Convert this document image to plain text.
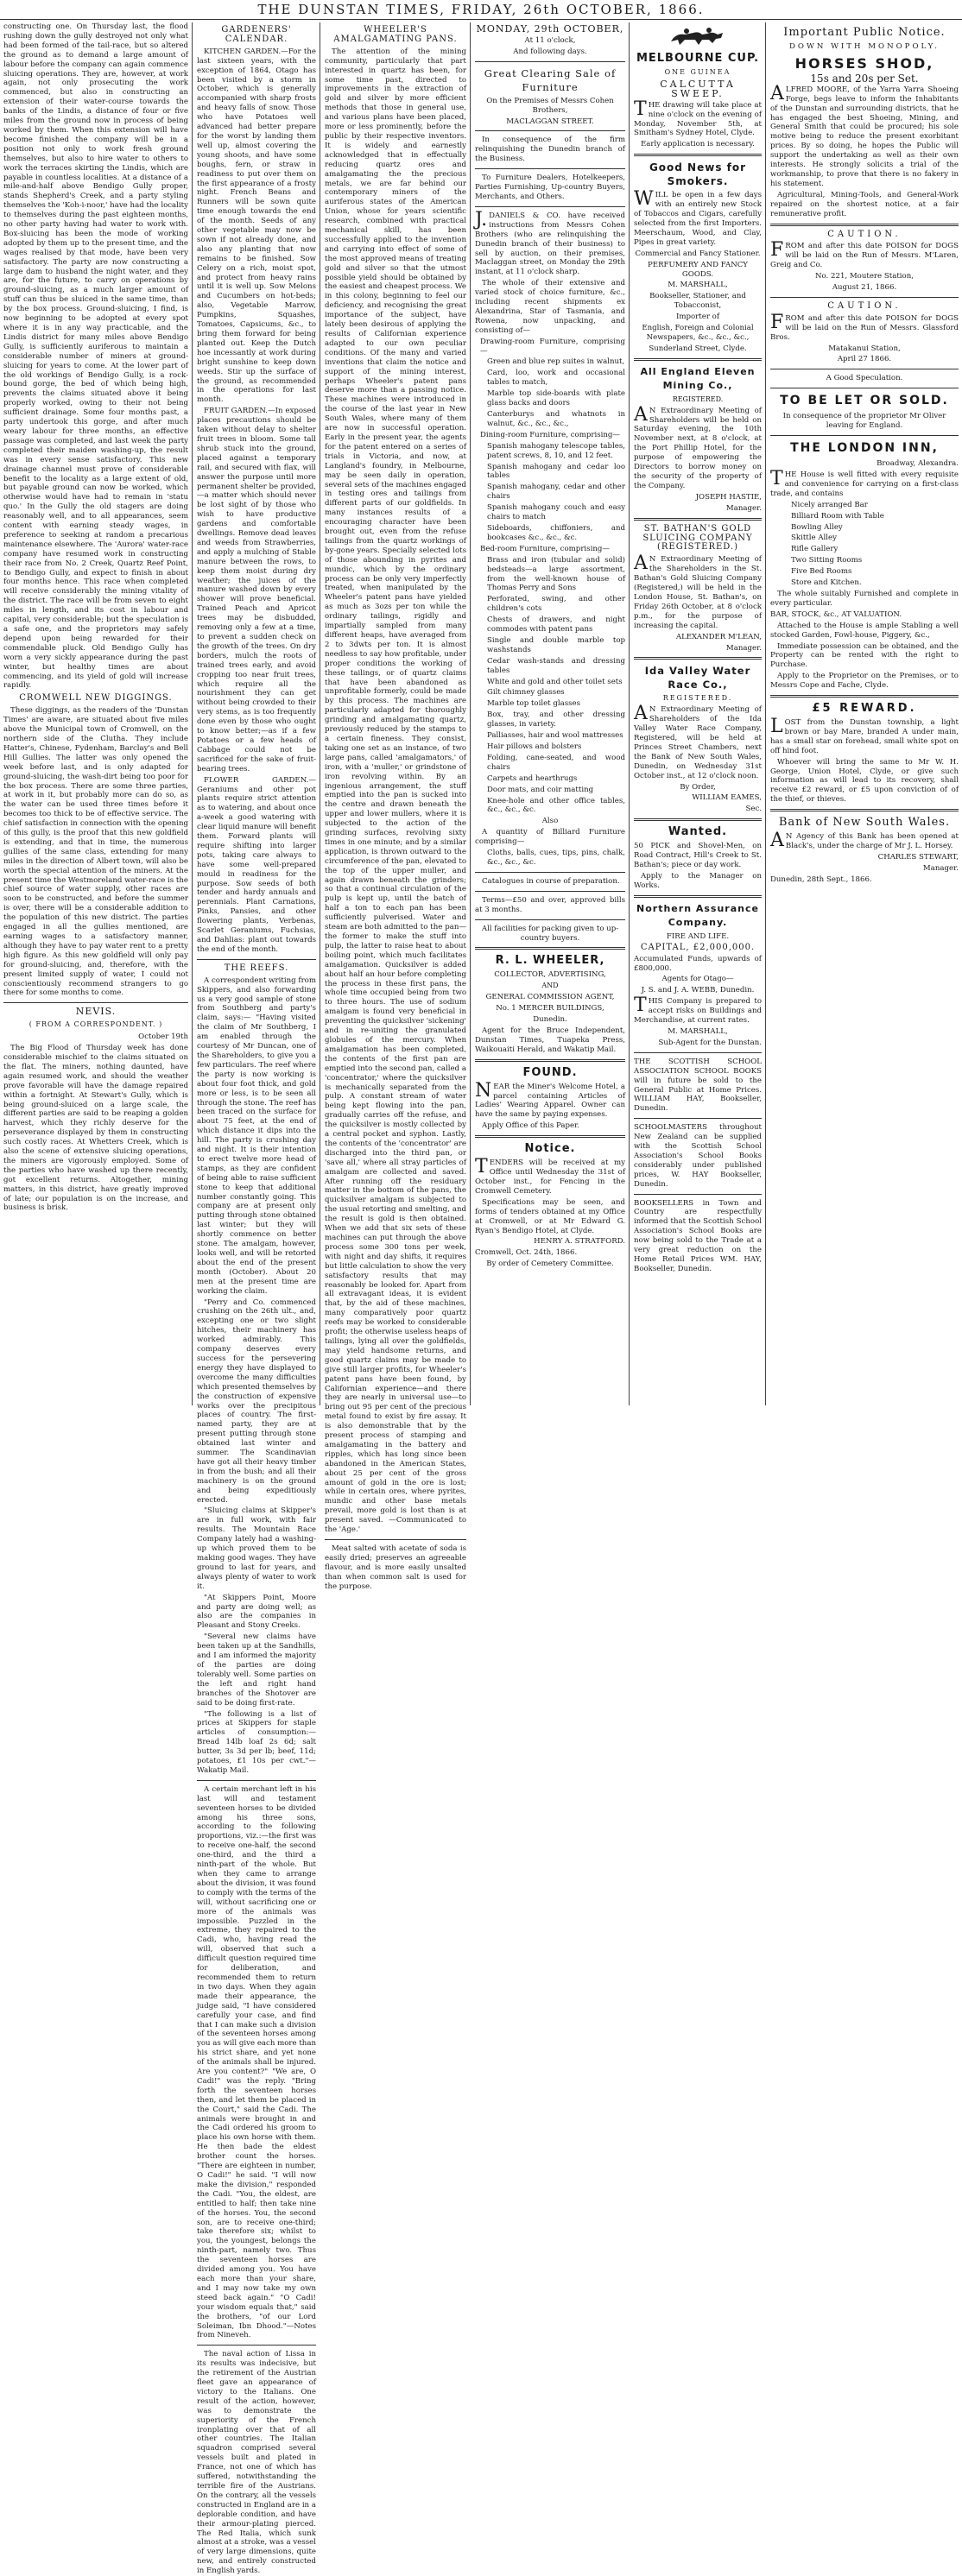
THE DUNSTAN TIMES, FRIDAY, 26th OCTOBER, 1866.

constructing one. On Thursday last, the flood rushing down the gully destroyed not only what had been formed of the tail-race, but so altered the ground as to demand a large amount of labour before the company can again commence sluicing operations. They are, however, at work again, not only prosecuting the work commenced, but also in constructing an extension of their water-course towards the banks of the Lindis, a distance of four or five miles from the ground now in process of being worked by them. When this extension will have become finished the company will be in a position not only to work fresh ground themselves, but also to hire water to others to work the terraces skirting the Lindis, which are payable in countless localities. At a distance of a mile-and-half above Bendigo Gully proper, stands Shepherd's Creek, and a party styling themselves the 'Koh-i-noor,' have had the locality to themselves during the past eighteen months, no other party having had water to work with. Box-sluicing has been the mode of working adopted by them up to the present time, and the wages realised by that mode, have been very satisfactory. The party are now constructing a large dam to husband the night water, and they are, for the future, to carry on operations by ground-sluicing, as a much larger amount of stuff can thus be sluiced in the same time, than by the box process. Ground-sluicing, I find, is now beginning to be adopted at every spot where it is in any way practicable, and the Lindis district for many miles above Bendigo Gully, is sufficiently auriferous to maintain a considerable number of miners at ground-sluicing for years to come. At the lower part of the old workings of Bendigo Gully, is a rock-bound gorge, the bed of which being high, prevents the claims situated above it being properly worked, owing to their not being sufficient drainage. Some four months past, a party undertook this gorge, and after much weary labour for three months, an effective passage was completed, and last week the party completed their maiden washing-up, the result was in every sense satisfactory. This new drainage channel must prove of considerable benefit to the locality as a large extent of old, but payable ground can now be worked, which otherwise would have had to remain in 'statu quo.' In the Gully the old stagers are doing reasonably well, and to all appearances, seem content with earning steady wages, in preference to seeking at random a precarious maintenance elsewhere. The 'Aurora' water-race company have resumed work in constructing their race from No. 2 Creek, Quartz Reef Point, to Bendigo Gully, and expect to finish in about four months hence. This race when completed will receive considerably the mining vitality of the district. The race will be from seven to eight miles in length, and its cost in labour and capital, very considerable; but the speculation is a safe one, and the proprietors may safely depend upon being rewarded for their commendable pluck. Old Bendigo Gully has worn a very sickly appearance during the past winter, but healthy times are about commencing, and its yield of gold will increase rapidly.

CROMWELL NEW DIGGINGS.

These diggings, as the readers of the 'Dunstan Times' are aware, are situated about five miles above the Municipal town of Cromwell, on the northern side of the Clutha. They include Hatter's, Chinese, Fydenham, Barclay's and Bell Hill Gullies. The latter was only opened the week before last, and is only adapted for ground-sluicing, the wash-dirt being too poor for the box process. There are some three parties, at work in it, but probably more can do so, as the water can be used three times before it becomes too thick to be of effective service. The chief satisfaction in connection with the opening of this gully, is the proof that this new goldfield is extending, and that in time, the numerous gullies of the same class, extending for many miles in the direction of Albert town, will also be worth the special attention of the miners. At the present time the Westmoreland water-race is the chief source of water supply, other races are soon to be constructed, and before the summer is over, there will be a considerable addition to the population of this new district. The parties engaged in all the gullies mentioned, are earning wages to a satisfactory manner, although they have to pay water rent to a pretty high figure. As this new goldfield will only pay for ground-sluicing, and, therefore, with the present limited supply of water, I could not conscientiously recommend strangers to go there for some months to come.

NEVIS.
( FROM A CORRESPONDENT. )

October 19th

The Big Flood of Thursday week has done considerable mischief to the claims situated on the flat. The miners, nothing daunted, have again resumed work, and should the weather prove favorable will have the damage repaired within a fortnight. At Stewart's Gully, which is being ground-sluiced on a large scale, the different parties are said to be reaping a golden harvest, which they richly deserve for the perseverance displayed by them in constructing such costly races. At Whetters Creek, which is also the scene of extensive sluicing operations, the miners are vigorously employed. Some of the parties who have washed up there recently, got excellent returns. Altogether, mining matters, in this district, have greatly improved of late; our population is on the increase, and business is brisk.

GARDENERS' CALENDAR.

KITCHEN GARDEN.—For the last sixteen years, with the exception of 1864, Otago has been visited by a storm in October, which is generally accompanied with sharp frosts and heavy falls of snow. Those who have Potatoes well advanced had better prepare for the worst by landing them well up, almost covering the young shoots, and have some boughs, fern, or straw in readiness to put over them on the first appearance of a frosty night. French Beans and Runners will be sown quite time enough towards the end of the month. Seeds of any other vegetable may now be sown if not already done, and also any planting that now remains to be finished. Sow Celery on a rich, moist spot, and protect from heavy rains until it is well up. Sow Melons and Cucumbers on hot-beds; also, Vegetable Marrow, Pumpkins, Squashes, Tomatoes, Capsicums, &c., to bring them forward for being planted out. Keep the Dutch hoe incessantly at work during bright sunshine to keep down weeds. Stir up the surface of the ground, as recommended in the operations for last month.

FRUIT GARDEN.—In exposed places precautions should be taken without delay to shelter fruit trees in bloom. Some tall shrub stuck into the ground, placed against a temporary rail, and secured with flax, will answer the purpose until more permanent shelter be provided,—a matter which should never be lost sight of by those who wish to have productive gardens and comfortable dwellings. Remove dead leaves and weeds from Strawberries, and apply a mulching of Stable manure between the rows, to keep them moist during dry weather; the juices of the manure washed down by every shower will prove beneficial. Trained Peach and Apricot trees may be disbudded, removing only a few at a time, to prevent a sudden check on the growth of the trees. On dry borders, mulch the roots of trained trees early, and avoid cropping too near fruit trees, which require all the nourishment they can get without being crowded to their very stems, as is too frequently done even by those who ought to know better;—as if a few Potatoes or a few heads of Cabbage could not be sacrificed for the sake of fruit-bearing trees.

FLOWER GARDEN.—Geraniums and other pot plants require strict attention as to watering, and about once a-week a good watering with clear liquid manure will benefit them. Forward plants will require shifting into larger pots, taking care always to have some well-prepared mould in readiness for the purpose. Sow seeds of both tender and hardy annuals and perennials. Plant Carnations, Pinks, Pansies, and other flowering plants, Verbenas, Scarlet Geraniums, Fuchsias, and Dahlias: plant out towards the end of the month.

THE REEFS.

A correspondent writing from Skippers, and also forwarding us a very good sample of stone from Southberg and party's claim, says:— "Having visited the claim of Mr Southberg, I am enabled through the courtesy of Mr Duncan, one of the Shareholders, to give you a few particulars. The reef where the party is now working is about four foot thick, and gold more or less, is to be seen all through the stone. The reef has been traced on the surface for about 75 feet, at the end of which distance it dips into the hill. The party is crushing day and night. It is their intention to erect twelve more head of stamps, as they are confident of being able to raise sufficient stone to keep that additional number constantly going. This company are at present only putting through stone obtained last winter; but they will shortly commence on better stone. The amalgam, however, looks well, and will be retorted about the end of the present month (October). About 20 men at the present time are working the claim.

"Perry and Co. commenced crushing on the 26th ult., and, excepting one or two slight hitches, their machinery has worked admirably. This company deserves every success for the persevering energy they have displayed to overcome the many difficulties which presented themselves by the construction of expensive works over the precipitous places of country. The first-named party, they are at present putting through stone obtained last winter and summer. The Scandinavian have got all their heavy timber in from the bush; and all their machinery is on the ground and being expeditiously erected.

"Sluicing claims at Skipper's are in full work, with fair results. The Mountain Race Company lately had a washing-up which proved them to be making good wages. They have ground to last for years, and always plenty of water to work it.

"At Skippers Point, Moore and party are doing well; as also are the companies in Pleasant and Stony Creeks.

"Several new claims have been taken up at the Sandhills, and I am informed the majority of the parties are doing tolerably well. Some parties on the left and right hand branches of the Shotover are said to be doing first-rate.

"The following is a list of prices at Skippers for staple articles of consumption:—Bread 14lb loaf 2s 6d; salt butter, 3s 3d per lb; beef, 11d; potatoes, £1 10s per cwt."—Wakatip Mail.

A certain merchant left in his last will and testament seventeen horses to be divided among his three sons, according to the following proportions, viz.:—the first was to receive one-half, the second one-third, and the third a ninth-part of the whole. But when they came to arrange about the division, it was found to comply with the terms of the will, without sacrificing one or more of the animals was impossible. Puzzled in the extreme, they repaired to the Cadi, who, having read the will, observed that such a difficult question required time for deliberation, and recommended them to return in two days. When they again made their appearance, the judge said, "I have considered carefully your case, and find that I can make such a division of the seventeen horses among you as will give each more than his strict share, and yet none of the animals shall be injured. Are you content?" "We are, O Cadi!" was the reply. "Bring forth the seventeen horses then, and let them be placed in the Court," said the Cadi. The animals were brought in and the Cadi ordered his groom to place his own horse with them. He then bade the eldest brother count the horses. "There are eighteen in number, O Cadi!" he said. "I will now make the division," responded the Cadi. "You, the eldest, are entitled to half; then take nine of the horses. You, the second son, are to receive one-third; take therefore six; whilst to you, the youngest, belongs the ninth-part, namely two. Thus the seventeen horses are divided among you. You have each more than your share, and I may now take my own steed back again." "O Cadi! your wisdom equals that," said the brothers, "of our Lord Soleiman, Ibn Dhood."—Notes from Nineveh.

The naval action of Lissa in its results was indecisive, but the retirement of the Austrian fleet gave an appearance of victory to the Italians. One result of the action, however, was to demonstrate the superiority of the French ironplating over that of all other countries. The Italian squadron comprised several vessels built and plated in France, not one of which has suffered, notwithstanding the terrible fire of the Austrians. On the contrary, all the vessels constructed in England are in a deplorable condition, and have their armour-plating pierced. The Red Italia, which sunk almost at a stroke, was a vessel of very large dimensions, quite new, and entirely constructed in English yards.

WHEELER'S AMALGAMATING PANS.

The attention of the mining community, particularly that part interested in quartz has been, for some time past, directed to improvements in the extraction of gold and silver by more efficient methods that those in general use, and various plans have been placed, more or less prominently, before the public by their respective inventors. It is widely and earnestly acknowledged that in effectually reducing quartz ores and amalgamating the the precious metals, we are far behind our contemporary miners of the auriferous states of the American Union, whose for years scientific research, combined with practical mechanical skill, has been successfully applied to the invention and carrying into effect of some of the most approved means of treating gold and silver so that the utmost possible yield should be obtained by the easiest and cheapest process. We in this colony, beginning to feel our deficiency, and recognising the great importance of the subject, have lately been desirous of applying the results of Californian experience adapted to our own peculiar conditions. Of the many and varied inventions that claim the notice and support of the mining interest, perhaps Wheeler's patent pans deserve more than a passing notice. These machines were introduced in the course of the last year in New South Wales, where many of them are now in successful operation. Early in the present year, the agents for the patent entered on a series of trials in Victoria, and now, at Langland's foundry, in Melbourne, may be seen daily in operation, several sets of the machines engaged in testing ores and tailings from different parts of our goldfields. In many instances results of a encouraging character have been brought out, even from the refuse tailings from the quartz workings of by-gone years. Specially selected lots of those abounding in pyrites and mundic, which by the ordinary process can be only very imperfectly treated, when manipulated by the Wheeler's patent pans have yielded as much as 3ozs per ton while the ordinary tailings, rigidly and impartially sampled from many different heaps, have averaged from 2 to 3dwts per ton. It is almost needless to say how profitable, under proper conditions the working of these tailings, or of quartz claims that have been abandoned as unprofitable formerly, could be made by this process. The machines are particularly adapted for thoroughly grinding and amalgamating quartz, previously reduced by the stamps to a certain fineness. They consist, taking one set as an instance, of two large pans, called 'amalgamators,' of iron, with a 'muller,' or grindstone of iron revolving within. By an ingenious arrangement, the stuff emptied into the pan is sucked into the centre and drawn beneath the upper and lower mullers, where it is subjected to the action of the grinding surfaces, revolving sixty times in one minute; and by a similar application, is thrown outward to the circumference of the pan, elevated to the top of the upper muller, and again drawn beneath the grinders; so that a continual circulation of the pulp is kept up, until the batch of half a ton to each pan has been sufficiently pulverised. Water and steam are both admitted to the pan—the former to make the stuff into pulp, the latter to raise heat to about boiling point, which much facilitates amalgamation. Quicksilver is added about half an hour before completing the process in these first pans, the whole time occupied being from two to three hours. The use of sodium amalgam is found very beneficial in preventing the quicksilver 'sickening' and in re-uniting the granulated globules of the mercury. When amalgamation has been completed, the contents of the first pan are emptied into the second pan, called a 'concentrator,' where the quicksilver is mechanically separated from the pulp. A constant stream of water being kept flowing into the pan, gradually carries off the refuse, and the quicksilver is mostly collected by a central pocket and syphon. Lastly, the contents of the 'concentrator' are discharged into the third pan, or 'save all,' where all stray particles of amalgam are collected and saved. After running off the residuary matter in the bottom of the pans, the quicksilver amalgam is subjected to the usual retorting and smelting, and the result is gold is then obtained. When we add that six sets of these machines can put through the above process some 300 tons per week, with night and day shifts, it requires but little calculation to show the very satisfactory results that may reasonably be looked for. Apart from all extravagant ideas, it is evident that, by the aid of these machines, many comparatively poor quartz reefs may be worked to considerable profit; the otherwise useless heaps of tailings, lying all over the goldfields, may yield handsome returns, and good quartz claims may be made to give still larger profits, for Wheeler's patent pans have been found, by Californian experience—and there they are nearly in universal use—to bring out 95 per cent of the precious metal found to exist by fire assay. It is also demonstrable that by the present process of stamping and amalgamating in the battery and ripples, which has long since been abandoned in the American States, about 25 per cent of the gross amount of gold in the ore is lost; while in certain ores, where pyrites, mundic and other base metals prevail, more gold is lost than is at present saved. —Communicated to the 'Age.'

Meat salted with acetate of soda is easily dried; preserves an agreeable flavour, and is more easily unsalted than when common salt is used for the purpose.

MONDAY, 29th OCTOBER,

At 11 o'clock,

And following days.

Great Clearing Sale of Furniture

On the Premises of Messrs Cohen Brothers,

MACLAGGAN STREET.

In consequence of the firm relinquishing the Dunedin branch of the Business.

To Furniture Dealers, Hotelkeepers, Parties Furnishing, Up-country Buyers, Merchants, and Others.

J.DANIELS & CO. have received instructions from Messrs Cohen Brothers (who are relinquishing the Dunedin branch of their business) to sell by auction, on their premises, Maclaggan street, on Monday the 29th instant, at 11 o'clock sharp.

The whole of their extensive and varied stock of choice furniture, &c., including recent shipments ex Alexandrina, Star of Tasmania, and Rowena, now unpacking, and consisting of—

Drawing-room Furniture, comprising—

Green and blue rep suites in walnut,

Card, loo, work and occasional tables to match,

Marble top side-boards with plate glass backs and doors

Canterburys and whatnots in walnut, &c., &c., &c.,

Dining-room Furniture, comprising—

Spanish mahogany telescope tables, patent screws, 8, 10, and 12 feet.

Spanish mahogany and cedar loo tables

Spanish mahogany, cedar and other chairs

Spanish mahogany couch and easy chairs to match

Sideboards, chiffoniers, and bookcases &c., &c., &c.

Bed-room Furniture, comprising—

Brass and iron (tubular and solid) bedsteads—a large assortment, from the well-known house of Thomas Perry and Sons

Perforated, swing, and other children's cots

Chests of drawers, and night commodes with patent pans

Single and double marble top washstands

Cedar wash-stands and dressing tables

White and gold and other toilet sets

Gilt chimney glasses

Marble top toilet glasses

Box, tray, and other dressing glasses, in variety.

Palliasses, hair and wool mattresses

Hair pillows and bolsters

Folding, cane-seated, and wood chairs

Carpets and hearthrugs

Door mats, and coir matting

Knee-hole and other office tables, &c., &c., &c.

Also

A quantity of Billiard Furniture comprising—

Cloths, balls, cues, tips, pins, chalk, &c., &c., &c.

Catalogues in course of preparation.

Terms—£50 and over, approved bills at 3 months.

All facilities for packing given to up-country buyers.

R. L. WHEELER,

COLLECTOR, ADVERTISING,

AND

GENERAL COMMISSION AGENT,

No. 1 MERCER BUILDINGS,

Dunedin.

Agent for the Bruce Independent, Dunstan Times, Tuapeka Press, Waikouaiti Herald, and Wakatip Mail.

FOUND.

NEAR the Miner's Welcome Hotel, a parcel containing Articles of Ladies' Wearing Apparel. Owner can have the same by paying expenses.

Apply Office of this Paper.

Notice.

TENDERS will be received at my Office until Wednesday the 31st of October inst., for Fencing in the Cromwell Cemetery.

Specifications may be seen, and forms of tenders obtained at my Office at Cromwell, or at Mr Edward G. Ryan's Bendigo Hotel, at Clyde.

HENRY A. STRATFORD.

Cromwell, Oct. 24th, 1866.

By order of Cemetery Committee.

MELBOURNE CUP.

ONE GUINEA

CALCUTTA SWEEP.

THE drawing will take place at nine o'clock on the evening of Monday, November 5th, at Smitham's Sydney Hotel, Clyde.

Early application is necessary.

Good News for Smokers.

WILL be open in a few days with an entirely new Stock of Tobaccos and Cigars, carefully selected from the first Importers. Meerschaum, Wood, and Clay, Pipes in great variety.

Commercial and Fancy Stationer.

PERFUMERY AND FANCY GOODS.

M. MARSHALL,

Bookseller, Stationer, and Tobacconist,

Importer of

English, Foreign and Colonial Newspapers, &c., &c., &c.,

Sunderland Street, Clyde.

All England Eleven Mining Co.,

REGISTERED.

AN Extraordinary Meeting of Shareholders will be held on Saturday evening, the 10th November next, at 8 o'clock, at the Port Phillip Hotel, for the purpose of empowering the Directors to borrow money on the security of the property of the Company.

JOSEPH HASTIE,

Manager.

ST. BATHAN'S GOLD SLUICING COMPANY (REGISTERED.)

AN Extraordinary Meeting of the Shareholders in the St. Bathan's Gold Sluicing Company (Registered,) will be held in the London House, St. Bathan's, on Friday 26th October, at 8 o'clock p.m., for the purpose of increasing the capital.

ALEXANDER M'LEAN,

Manager.

Ida Valley Water Race Co.,

REGISTERED.

AN Extraordinary Meeting of Shareholders of the Ida Valley Water Race Company, Registered, will be held at Princes Street Chambers, next the Bank of New South Wales, Dunedin, on Wednesday 31st October inst., at 12 o'clock noon.

By Order,

WILLIAM EAMES,

Sec.

Wanted.

50 PICK and Shovel-Men, on Road Contract, Hill's Creek to St. Bathan's; piece or day work.

Apply to the Manager on Works.

Northern Assurance Company.

FIRE AND LIFE.

CAPITAL, £2,000,000.

Accumulated Funds, upwards of £800,000.

Agents for Otago—

J. S. and J. A. WEBB, Dunedin.

THIS Company is prepared to accept risks on Buildings and Merchandise, at current rates.

M. MARSHALL,

Sub-Agent for the Dunstan.

THE SCOTTISH SCHOOL ASSOCIATION SCHOOL BOOKS will in future be sold to the General Public at Home Prices. WILLIAM HAY, Bookseller, Dunedin.

SCHOOLMASTERS throughout New Zealand can be supplied with the Scottish School Association's School Books considerably under published prices, W. HAY Bookseller, Dunedin.

BOOKSELLERS in Town and Country are respectfully informed that the Scottish School Association's School Books are now being sold to the Trade at a very great reduction on the Home Retail Prices WM. HAY, Bookseller, Dunedin.

Important Public Notice.

DOWN WITH MONOPOLY.

HORSES SHOD,

15s and 20s per Set.

ALFRED MOORE, of the Yarra Yarra Shoeing Forge, begs leave to inform the Inhabitants of the Dunstan and surrounding districts, that he has engaged the best Shoeing, Mining, and General Smith that could be procured; his sole motive being to reduce the present exorbitant prices. By so doing, he hopes the Public will support the undertaking as well as their own interests. He strongly solicits a trial of the workmanship, to prove that there is no fakery in his statement.

Agricultural, Mining-Tools, and General-Work repaired on the shortest notice, at a fair remunerative profit.

CAUTION.

FROM and after this date POISON for DOGS will be laid on the Run of Messrs. M'Laren, Greig and Co.

No. 221, Moutere Station,

August 21, 1866.

CAUTION.

FROM and after this date POISON for DOGS will be laid on the Run of Messrs. Glassford Bros.

Matakanui Station,

April 27 1866.

A Good Speculation.

TO BE LET OR SOLD.

In consequence of the proprietor Mr Oliver leaving for England.

THE LONDON INN,

Broadway, Alexandra.

THE House is well fitted with every requisite and convenience for carrying on a first-class trade, and contains

Nicely arranged Bar

Billiard Room with Table

Bowling Alley

Skittle Alley

Rifle Gallery

Two Sitting Rooms

Five Bed Rooms

Store and Kitchen.

The whole suitably Furnished and complete in every particular.

BAR, STOCK, &c., AT VALUATION.

Attached to the House is ample Stabling a well stocked Garden, Fowl-house, Piggery, &c.,

Immediate possession can be obtained, and the Property can be rented with the right to Purchase.

Apply to the Proprietor on the Premises, or to Messrs Cope and Fache, Clyde.

£5 REWARD.

LOST from the Dunstan township, a light brown or bay Mare, branded A under main, has a small star on forehead, small white spot on off hind foot.

Whoever will bring the same to Mr W. H. George, Union Hotel, Clyde, or give such information as will lead to its recovery, shall receive £2 reward, or £5 upon conviction of of the thief, or thieves.

Bank of New South Wales.

AN Agency of this Bank has been opened at Black's, under the charge of Mr J. L. Horsey.

CHARLES STEWART,

Manager.

Dunedin, 28th Sept., 1866.
